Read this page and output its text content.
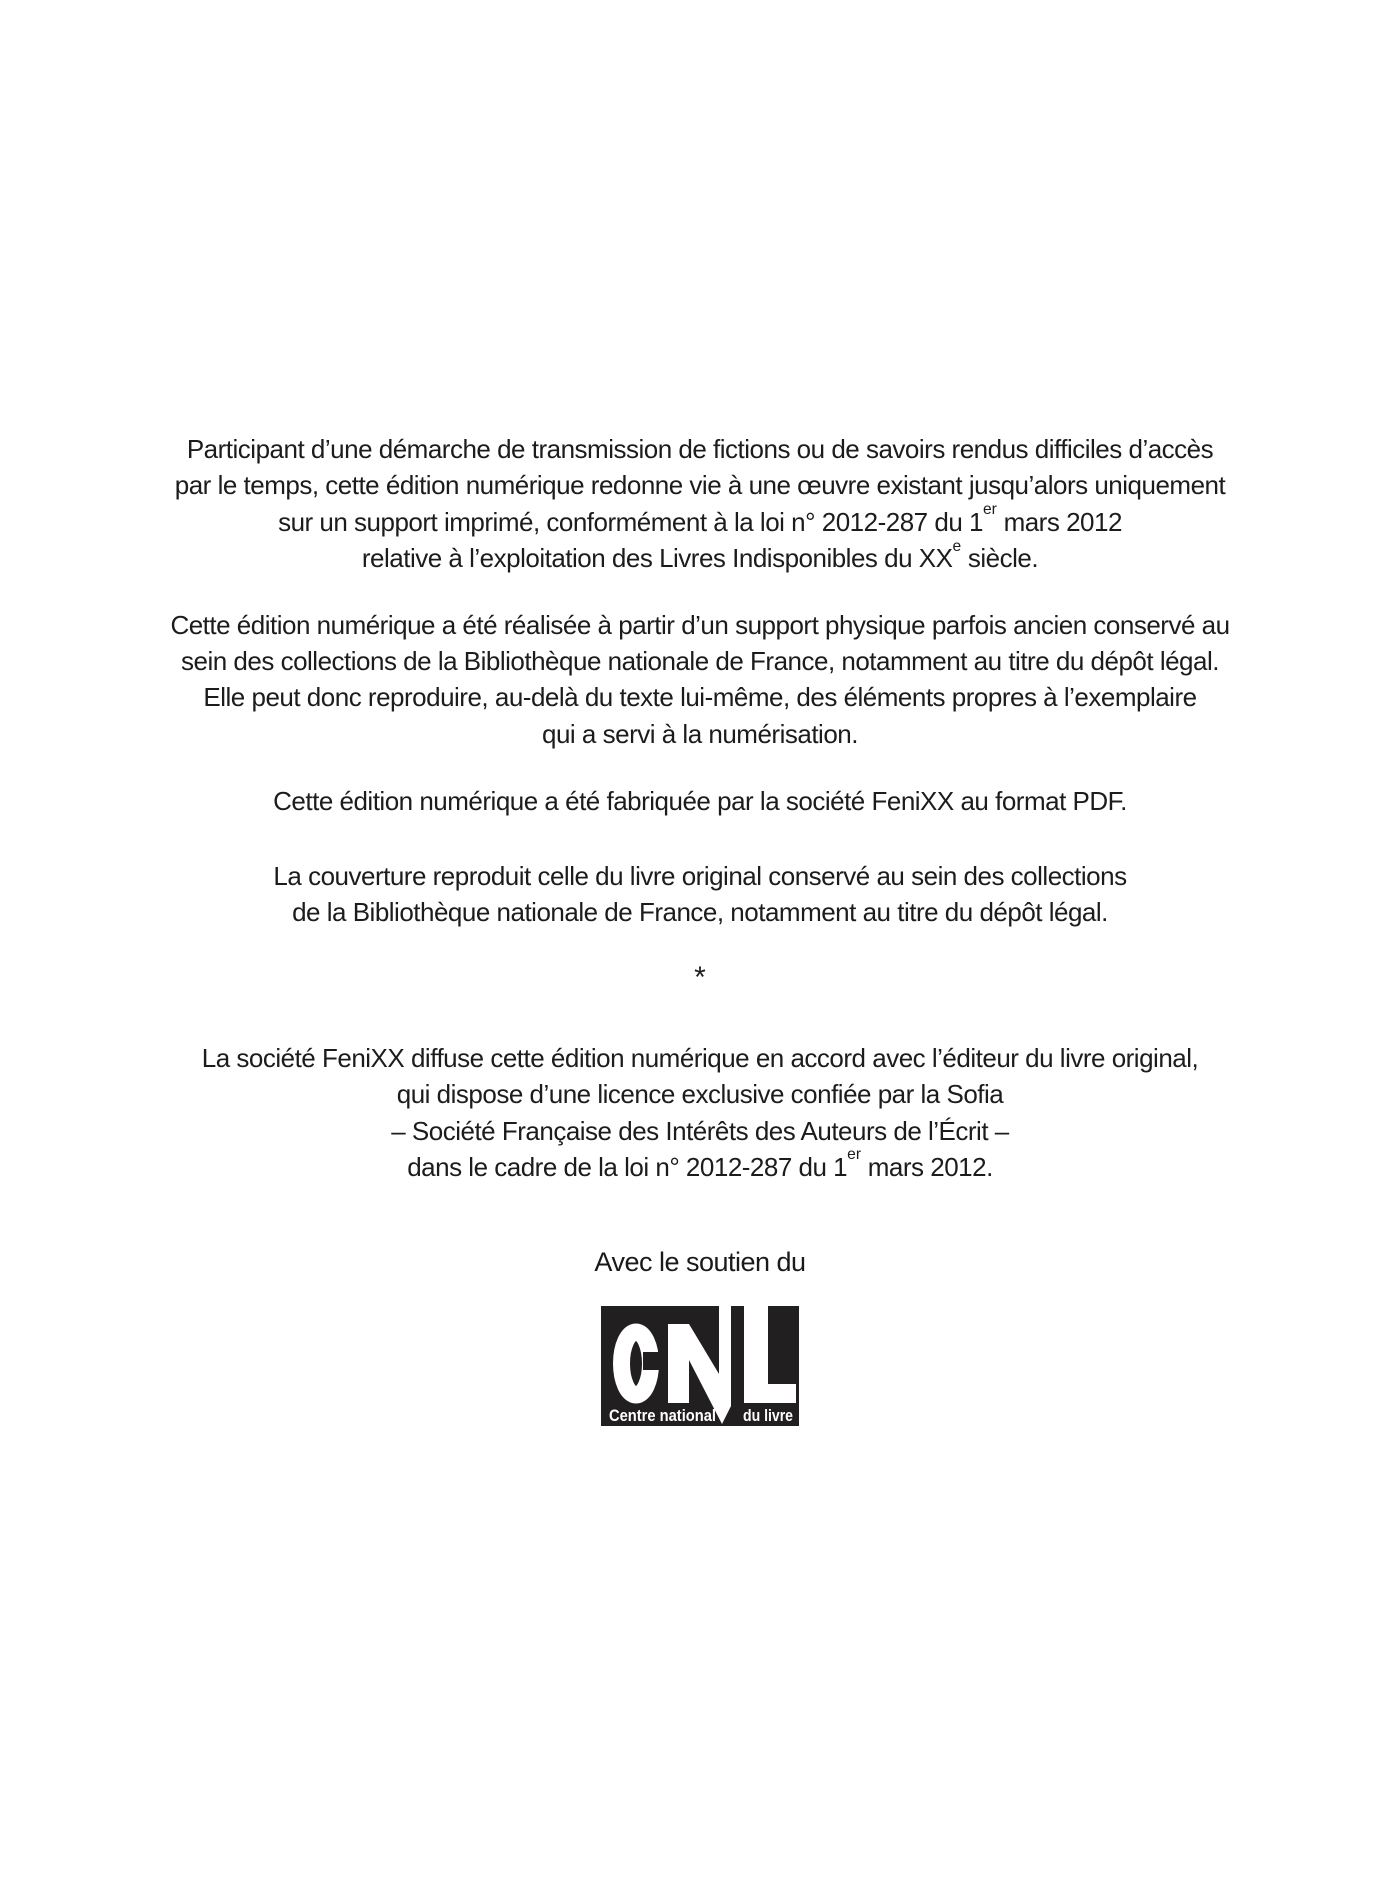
Participant d’une démarche de transmission de fictions ou de savoirs rendus difficiles d’accès
par le temps, cette édition numérique redonne vie à une œuvre existant jusqu’alors uniquement
sur un support imprimé, conformément à la loi n° 2012-287 du 1er mars 2012
relative à l’exploitation des Livres Indisponibles du XXe siècle.

Cette édition numérique a été réalisée à partir d’un support physique parfois ancien conservé au
sein des collections de la Bibliothèque nationale de France, notamment au titre du dépôt légal.
Elle peut donc reproduire, au-delà du texte lui-même, des éléments propres à l’exemplaire
qui a servi à la numérisation.

Cette édition numérique a été fabriquée par la société FeniXX au format PDF.

La couverture reproduit celle du livre original conservé au sein des collections
de la Bibliothèque nationale de France, notamment au titre du dépôt légal.

*

La société FeniXX diffuse cette édition numérique en accord avec l’éditeur du livre original,
qui dispose d’une licence exclusive confiée par la Sofia
– Société Française des Intérêts des Auteurs de l’Écrit –
dans le cadre de la loi n° 2012-287 du 1er mars 2012.

Avec le soutien du

Centre national du livre
